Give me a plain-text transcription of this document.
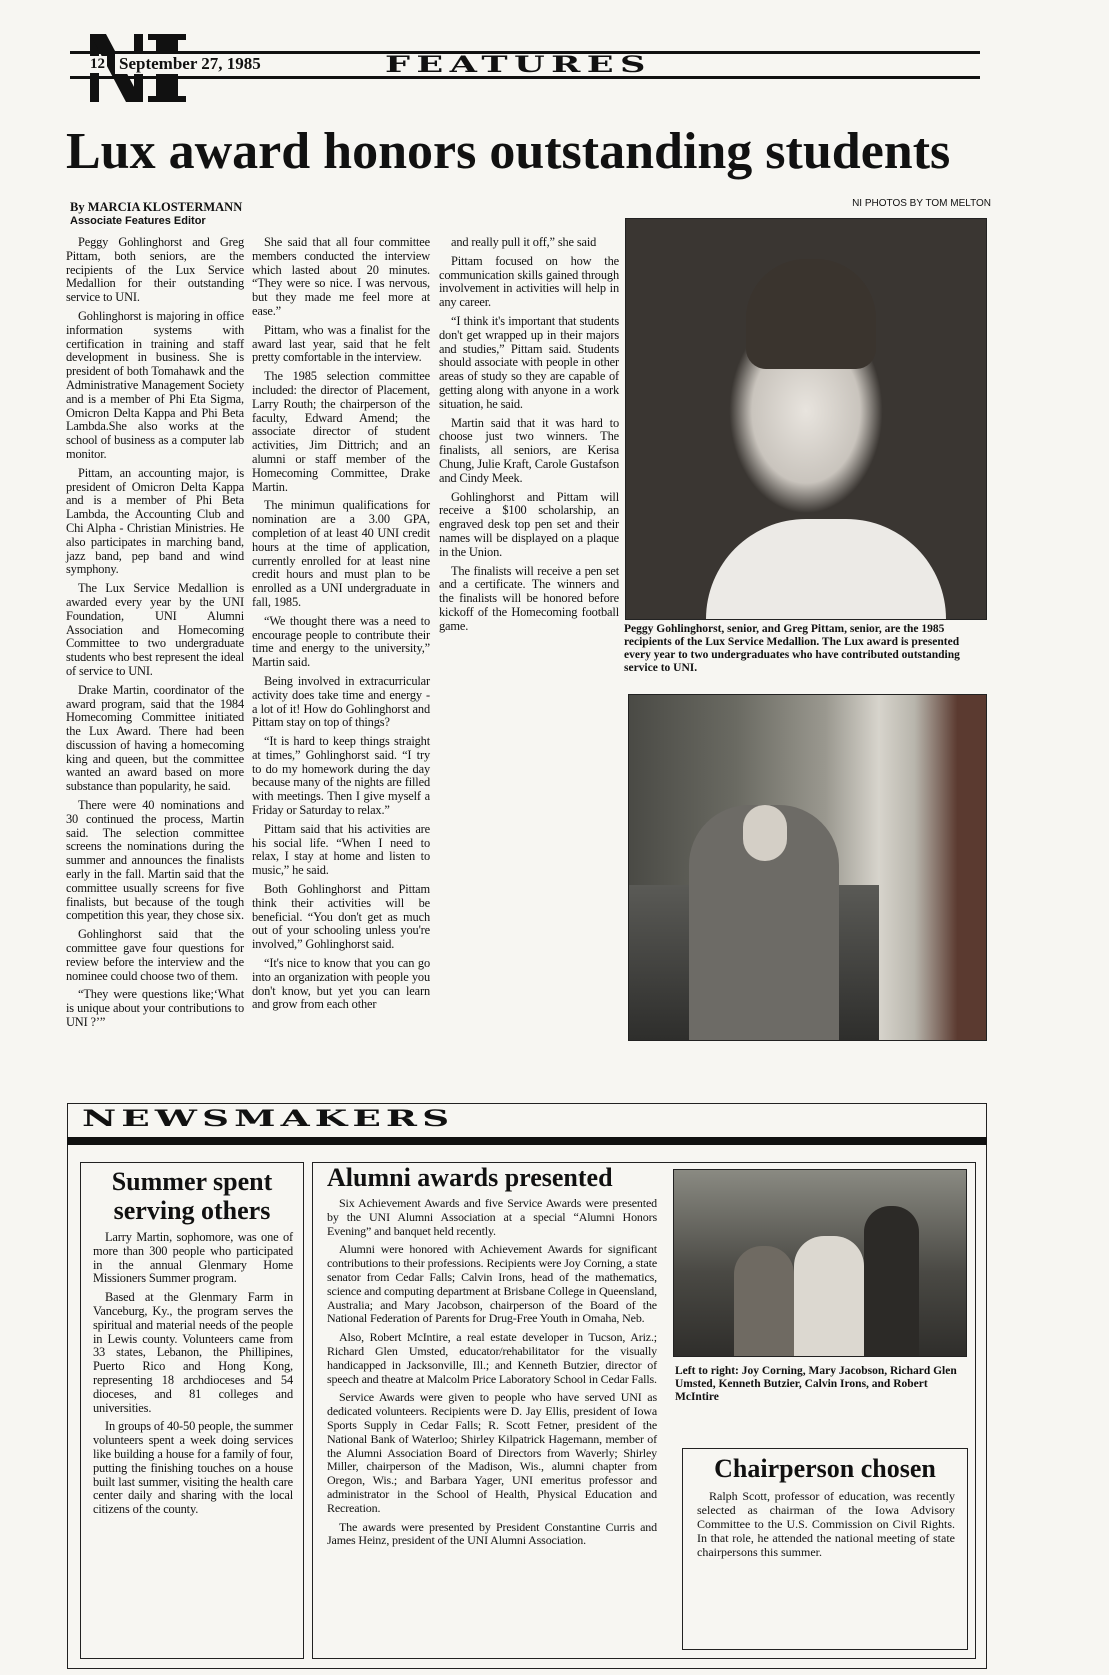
12 September 27, 1985	FEATURES
Lux award honors outstanding students
By MARCIA KLOSTERMANN
Associate Features Editor
NI PHOTOS BY TOM MELTON

Peggy Gohlinghorst and Greg Pittam, both seniors, are the recipients of the Lux Service Medallion for their outstanding service to UNI.

Gohlinghorst is majoring in office information systems with certification in training and staff development in business. She is president of both Tomahawk and the Administrative Management Society and is a member of Phi Eta Sigma, Omicron Delta Kappa and Phi Beta Lambda.She also works at the school of business as a computer lab monitor.

Pittam, an accounting major, is president of Omicron Delta Kappa and is a member of Phi Beta Lambda, the Accounting Club and Chi Alpha - Christian Ministries. He also participates in marching band, jazz band, pep band and wind symphony.

The Lux Service Medallion is awarded every year by the UNI Foundation, UNI Alumni Association and Homecoming Committee to two undergraduate students who best represent the ideal of service to UNI.

Drake Martin, coordinator of the award program, said that the 1984 Homecoming Committee initiated the Lux Award. There had been discussion of having a homecoming king and queen, but the committee wanted an award based on more substance than popularity, he said.

There were 40 nominations and 30 continued the process, Martin said. The selection committee screens the nominations during the summer and announces the finalists early in the fall. Martin said that the committee usually screens for five finalists, but because of the tough competition this year, they chose six.

Gohlinghorst said that the committee gave four questions for review before the interview and the nominee could choose two of them.

“They were questions like;‘What is unique about your contributions to UNI ?’”

She said that all four committee members conducted the interview which lasted about 20 minutes. “They were so nice. I was nervous, but they made me feel more at ease.”

Pittam, who was a finalist for the award last year, said that he felt pretty comfortable in the interview.

The 1985 selection committee included: the director of Placement, Larry Routh; the chairperson of the faculty, Edward Amend; the associate director of student activities, Jim Dittrich; and an alumni or staff member of the Homecoming Committee, Drake Martin.

The minimun qualifications for nomination are a 3.00 GPA, completion of at least 40 UNI credit hours at the time of application, currently enrolled for at least nine credit hours and must plan to be enrolled as a UNI undergraduate in fall, 1985.

“We thought there was a need to encourage people to contribute their time and energy to the university,” Martin said.

Being involved in extracurricular activity does take time and energy - a lot of it! How do Gohlinghorst and Pittam stay on top of things?

“It is hard to keep things straight at times,” Gohlinghorst said. “I try to do my homework during the day because many of the nights are filled with meetings. Then I give myself a Friday or Saturday to relax.”

Pittam said that his activities are his social life. “When I need to relax, I stay at home and listen to music,” he said.

Both Gohlinghorst and Pittam think their activities will be beneficial. “You don't get as much out of your schooling unless you're involved,” Gohlinghorst said.

“It's nice to know that you can go into an organization with people you don't know, but yet you can learn and grow from each other

and really pull it off,” she said

Pittam focused on how the communication skills gained through involvement in activities will help in any career.

“I think it's important that students don't get wrapped up in their majors and studies,” Pittam said. Students should associate with people in other areas of study so they are capable of getting along with anyone in a work situation, he said.

Martin said that it was hard to choose just two winners. The finalists, all seniors, are Kerisa Chung, Julie Kraft, Carole Gustafson and Cindy Meek.

Gohlinghorst and Pittam will receive a $100 scholarship, an engraved desk top pen set and their names will be displayed on a plaque in the Union.

The finalists will receive a pen set and a certificate. The winners and the finalists will be honored before kickoff of the Homecoming football game.	Peggy Gohlinghorst, senior, and Greg Pittam, senior, are the 1985 recipients of the Lux Service Medallion. The Lux award is presented every year to two undergraduates who have contributed outstanding service to UNI.
NEWSMAKERS
Summer spent serving others

Larry Martin, sophomore, was one of more than 300 people who participated in the annual Glenmary Home Missioners Summer program.

Based at the Glenmary Farm in Vanceburg, Ky., the program serves the spiritual and material needs of the people in Lewis county. Volunteers came from 33 states, Lebanon, the Phillipines, Puerto Rico and Hong Kong, representing 18 archdioceses and 54 dioceses, and 81 colleges and universities.

In groups of 40-50 people, the summer volunteers spent a week doing services like building a house for a family of four, putting the finishing touches on a house built last summer, visiting the health care center daily and sharing with the local citizens of the county.

Alumni awards presented

Six Achievement Awards and five Service Awards were presented by the UNI Alumni Association at a special “Alumni Honors Evening” and banquet held recently.

Alumni were honored with Achievement Awards for significant contributions to their professions. Recipients were Joy Corning, a state senator from Cedar Falls; Calvin Irons, head of the mathematics, science and computing department at Brisbane College in Queensland, Australia; and Mary Jacobson, chairperson of the Board of the National Federation of Parents for Drug-Free Youth in Omaha, Neb.

Also, Robert McIntire, a real estate developer in Tucson, Ariz.; Richard Glen Umsted, educator/rehabilitator for the visually handicapped in Jacksonville, Ill.; and Kenneth Butzier, director of speech and theatre at Malcolm Price Laboratory School in Cedar Falls.

Service Awards were given to people who have served UNI as dedicated volunteers. Recipients were D. Jay Ellis, president of Iowa Sports Supply in Cedar Falls; R. Scott Fetner, president of the National Bank of Waterloo; Shirley Kilpatrick Hagemann, member of the Alumni Association Board of Directors from Waverly; Shirley Miller, chairperson of the Madison, Wis., alumni chapter from Oregon, Wis.; and Barbara Yager, UNI emeritus professor and administrator in the School of Health, Physical Education and Recreation.

The awards were presented by President Constantine Curris and James Heinz, president of the UNI Alumni Association.

Left to right: Joy Corning, Mary Jacobson, Richard Glen Umsted, Kenneth Butzier, Calvin Irons, and Robert McIntire
Chairperson chosen
Ralph Scott, professor of education, was recently selected as chairman of the Iowa Advisory Committee to the U.S. Commission on Civil Rights. In that role, he attended the national meeting of state chairpersons this summer.
